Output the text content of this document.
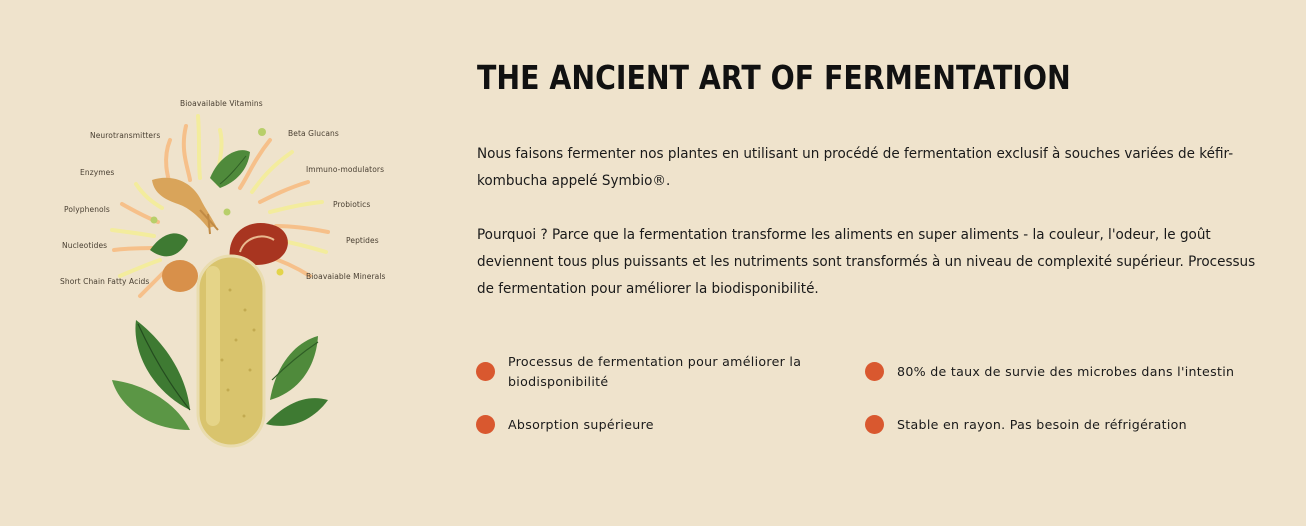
Bioavailable Vitamins
Neurotransmitters	Beta Glucans
Enzymes	Immuno-modulators
Polyphenols
Probiotics
Nucleotides
Peptides
Short Chain Fatty Acids
Bioavaiable Minerals
THE ANCIENT ART OF FERMENTATION

Nous faisons fermenter nos plantes en utilisant un procédé de fermentation exclusif à souches variées de kéfir-kombucha appelé Symbio®.

Pourquoi ? Parce que la fermentation transforme les aliments en super aliments - la couleur, l'odeur, le goût deviennent tous plus puissants et les nutriments sont transformés à un niveau de complexité supérieur. Processus de fermentation pour améliorer la biodisponibilité.

Processus de fermentation pour améliorer la biodisponibilité
80% de taux de survie des microbes dans l'intestin
Absorption supérieure	Stable en rayon. Pas besoin de réfrigération
